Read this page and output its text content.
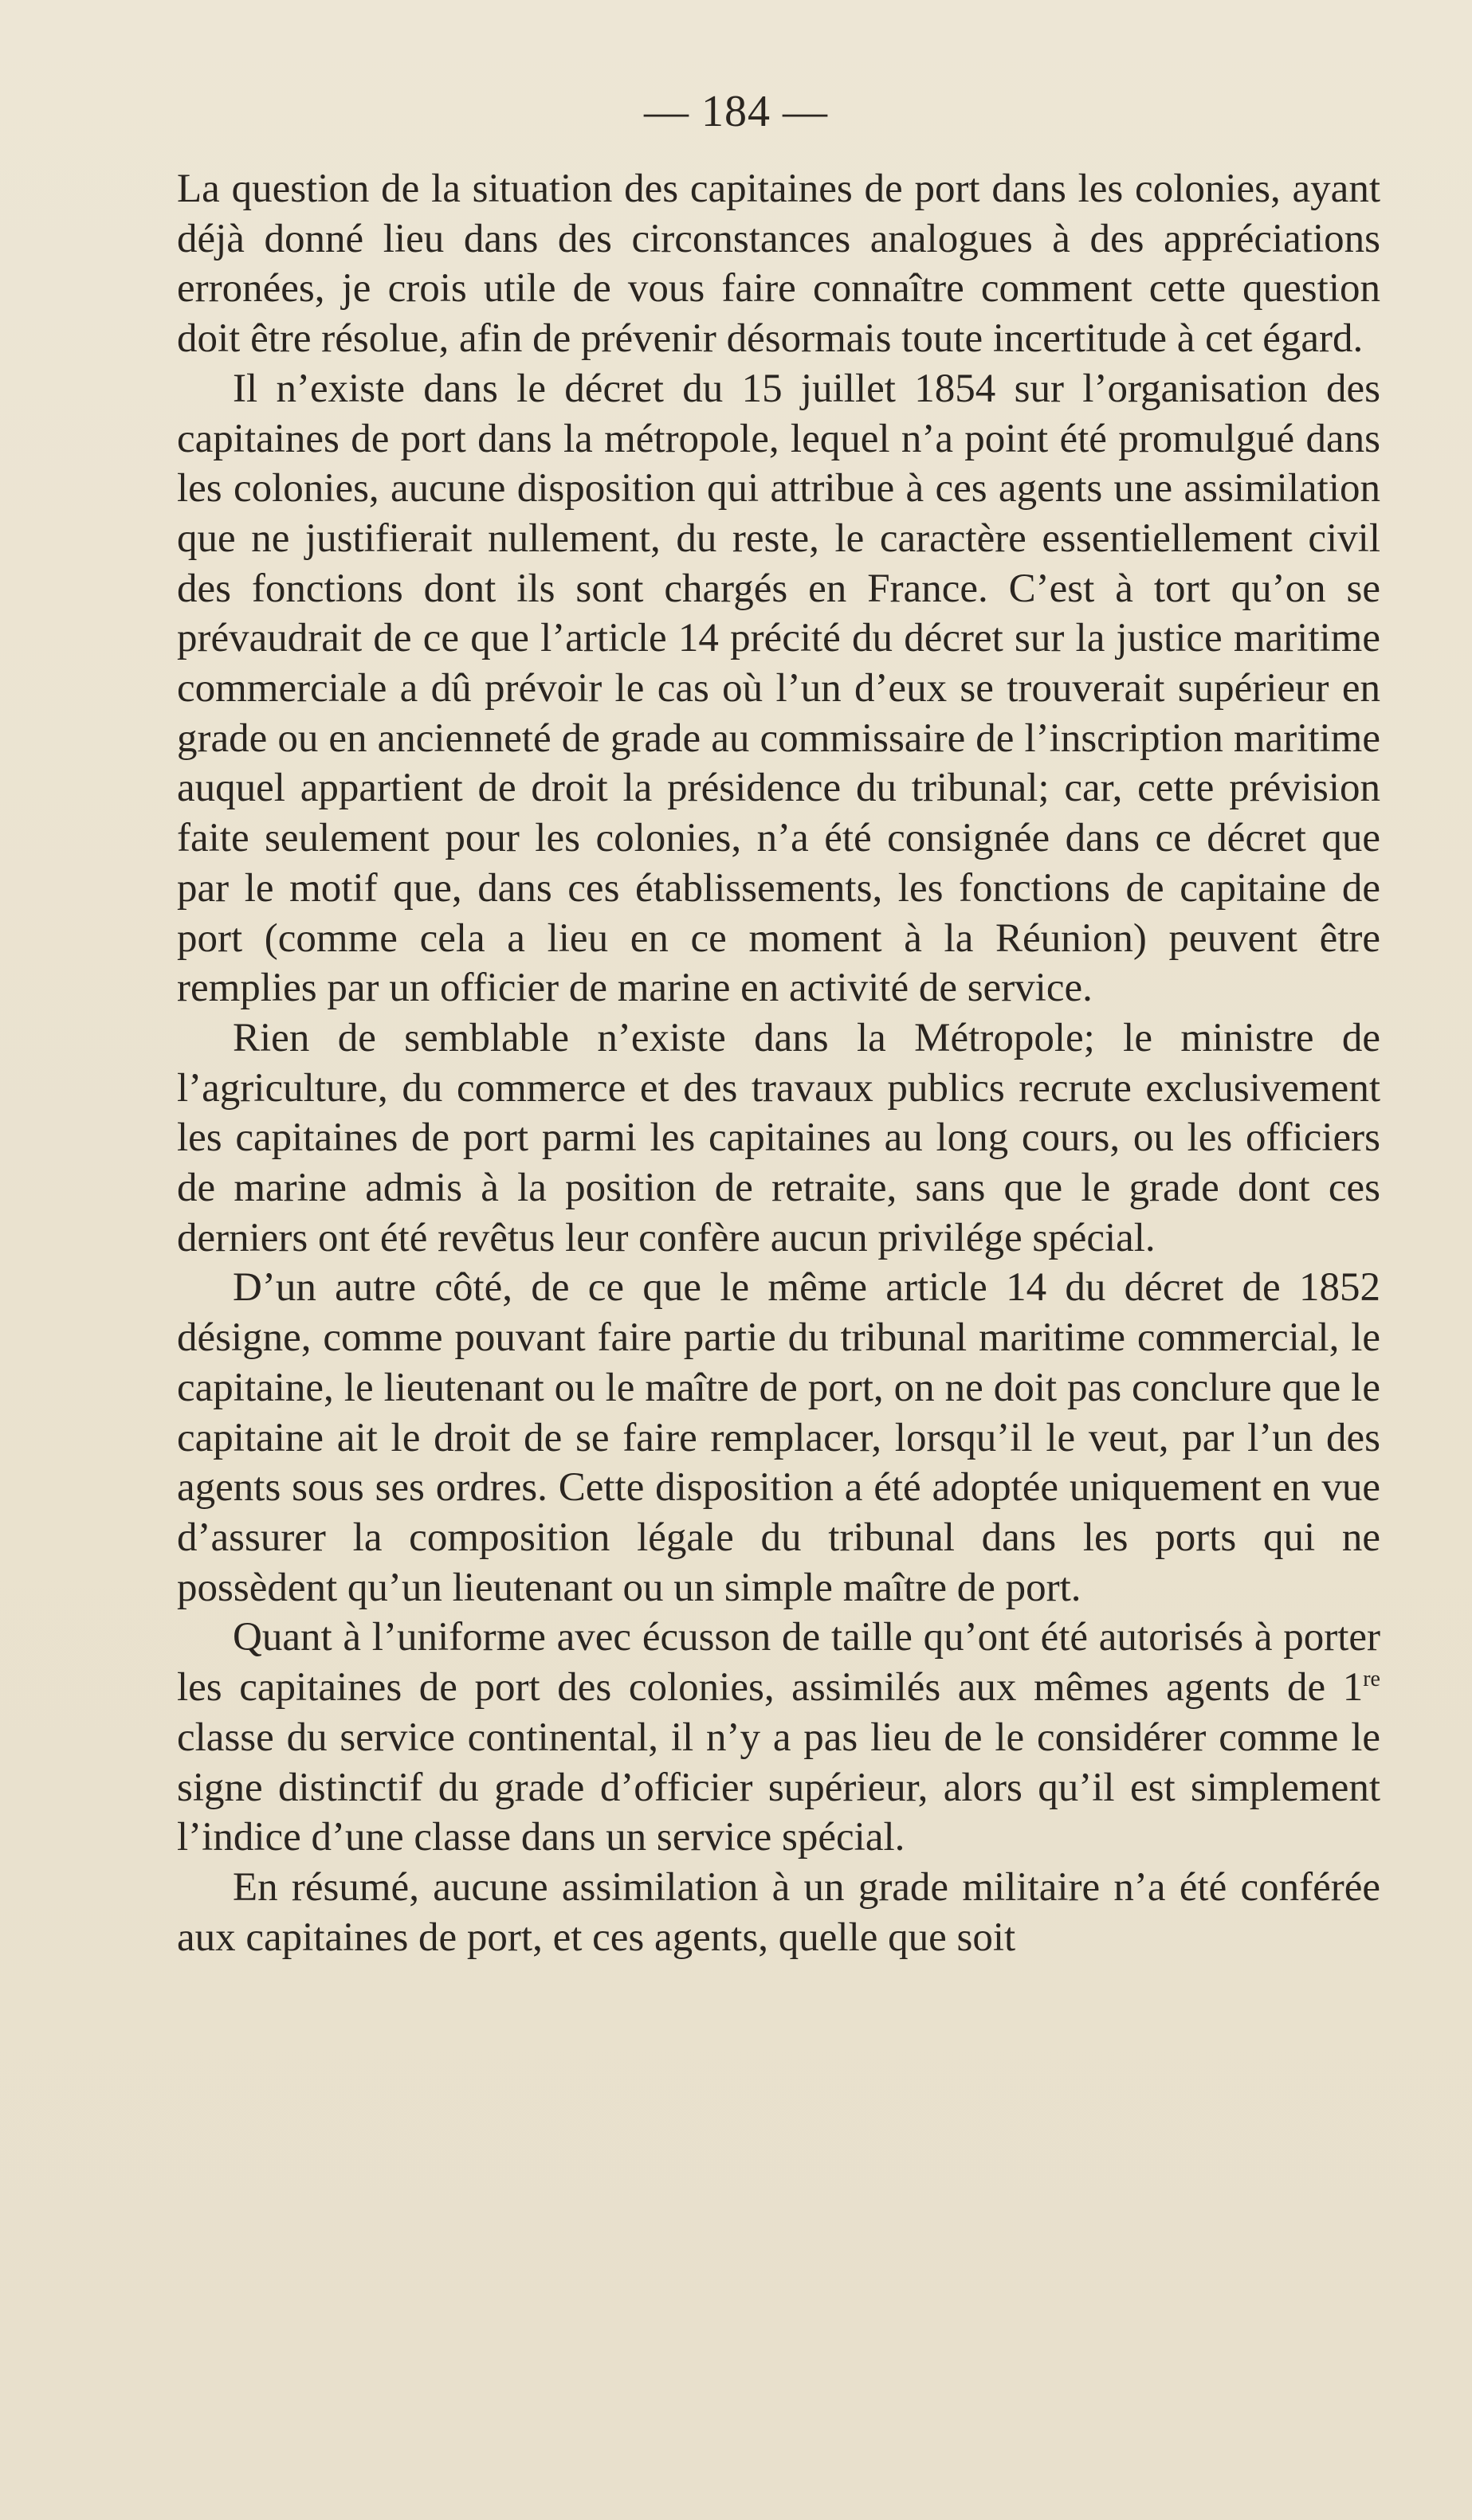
— 184 —

La question de la situation des capitaines de port dans les colonies, ayant déjà donné lieu dans des circonstances analogues à des appréciations erronées, je crois utile de vous faire connaître comment cette question doit être résolue, afin de prévenir désormais toute incertitude à cet égard.

Il n’existe dans le décret du 15 juillet 1854 sur l’organisation des capitaines de port dans la métropole, lequel n’a point été promulgué dans les colonies, aucune disposition qui attribue à ces agents une assimilation que ne justifierait nullement, du reste, le caractère essentiellement civil des fonctions dont ils sont chargés en France. C’est à tort qu’on se prévaudrait de ce que l’article 14 précité du décret sur la justice maritime commerciale a dû prévoir le cas où l’un d’eux se trouverait supérieur en grade ou en ancienneté de grade au commissaire de l’inscription maritime auquel appartient de droit la présidence du tribunal; car, cette prévision faite seulement pour les colonies, n’a été consignée dans ce décret que par le motif que, dans ces établissements, les fonctions de capitaine de port (comme cela a lieu en ce moment à la Réunion) peuvent être remplies par un officier de marine en activité de service.

Rien de semblable n’existe dans la Métropole; le ministre de l’agriculture, du commerce et des travaux publics recrute exclusivement les capitaines de port parmi les capitaines au long cours, ou les officiers de marine admis à la position de retraite, sans que le grade dont ces derniers ont été revêtus leur confère aucun privilége spécial.

D’un autre côté, de ce que le même article 14 du décret de 1852 désigne, comme pouvant faire partie du tribunal maritime commercial, le capitaine, le lieutenant ou le maître de port, on ne doit pas conclure que le capitaine ait le droit de se faire remplacer, lorsqu’il le veut, par l’un des agents sous ses ordres. Cette disposition a été adoptée uniquement en vue d’assurer la composition légale du tribunal dans les ports qui ne possèdent qu’un lieutenant ou un simple maître de port.

Quant à l’uniforme avec écusson de taille qu’ont été autorisés à porter les capitaines de port des colonies, assimilés aux mêmes agents de 1re classe du service continental, il n’y a pas lieu de le considérer comme le signe distinctif du grade d’officier supérieur, alors qu’il est simplement l’indice d’une classe dans un service spécial.

En résumé, aucune assimilation à un grade militaire n’a été conférée aux capitaines de port, et ces agents, quelle que soit
